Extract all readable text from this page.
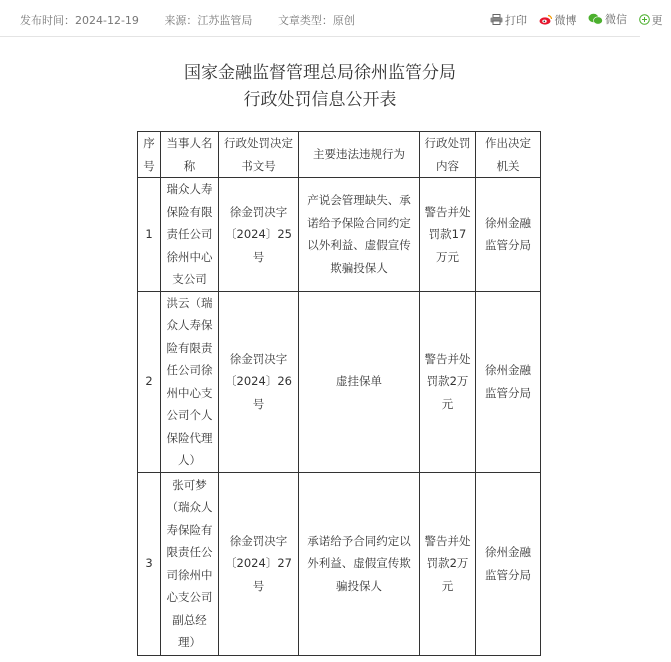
发布时间：2024-12-19 来源：江苏监管局 文章类型：原创	打印
	微博
	微信
更
国家金融监督管理总局徐州监管分局
行政处罚信息公开表
序号	当事人名称	行政处罚决定书文号	主要违法违规行为	行政处罚内容	作出决定机关
1	瑞众人寿保险有限责任公司徐州中心支公司	徐金罚决字〔2024〕25号	产说会管理缺失、承诺给予保险合同约定以外利益、虚假宣传欺骗投保人	警告并处罚款17万元	徐州金融监管分局
2	洪云（瑞众人寿保险有限责任公司徐州中心支公司个人保险代理人）	徐金罚决字〔2024〕26号	虚挂保单	警告并处罚款2万元	徐州金融监管分局
3	张可梦（瑞众人寿保险有限责任公司徐州中心支公司副总经理）	徐金罚决字〔2024〕27号	承诺给予合同约定以外利益、虚假宣传欺骗投保人	警告并处罚款2万元	徐州金融监管分局
